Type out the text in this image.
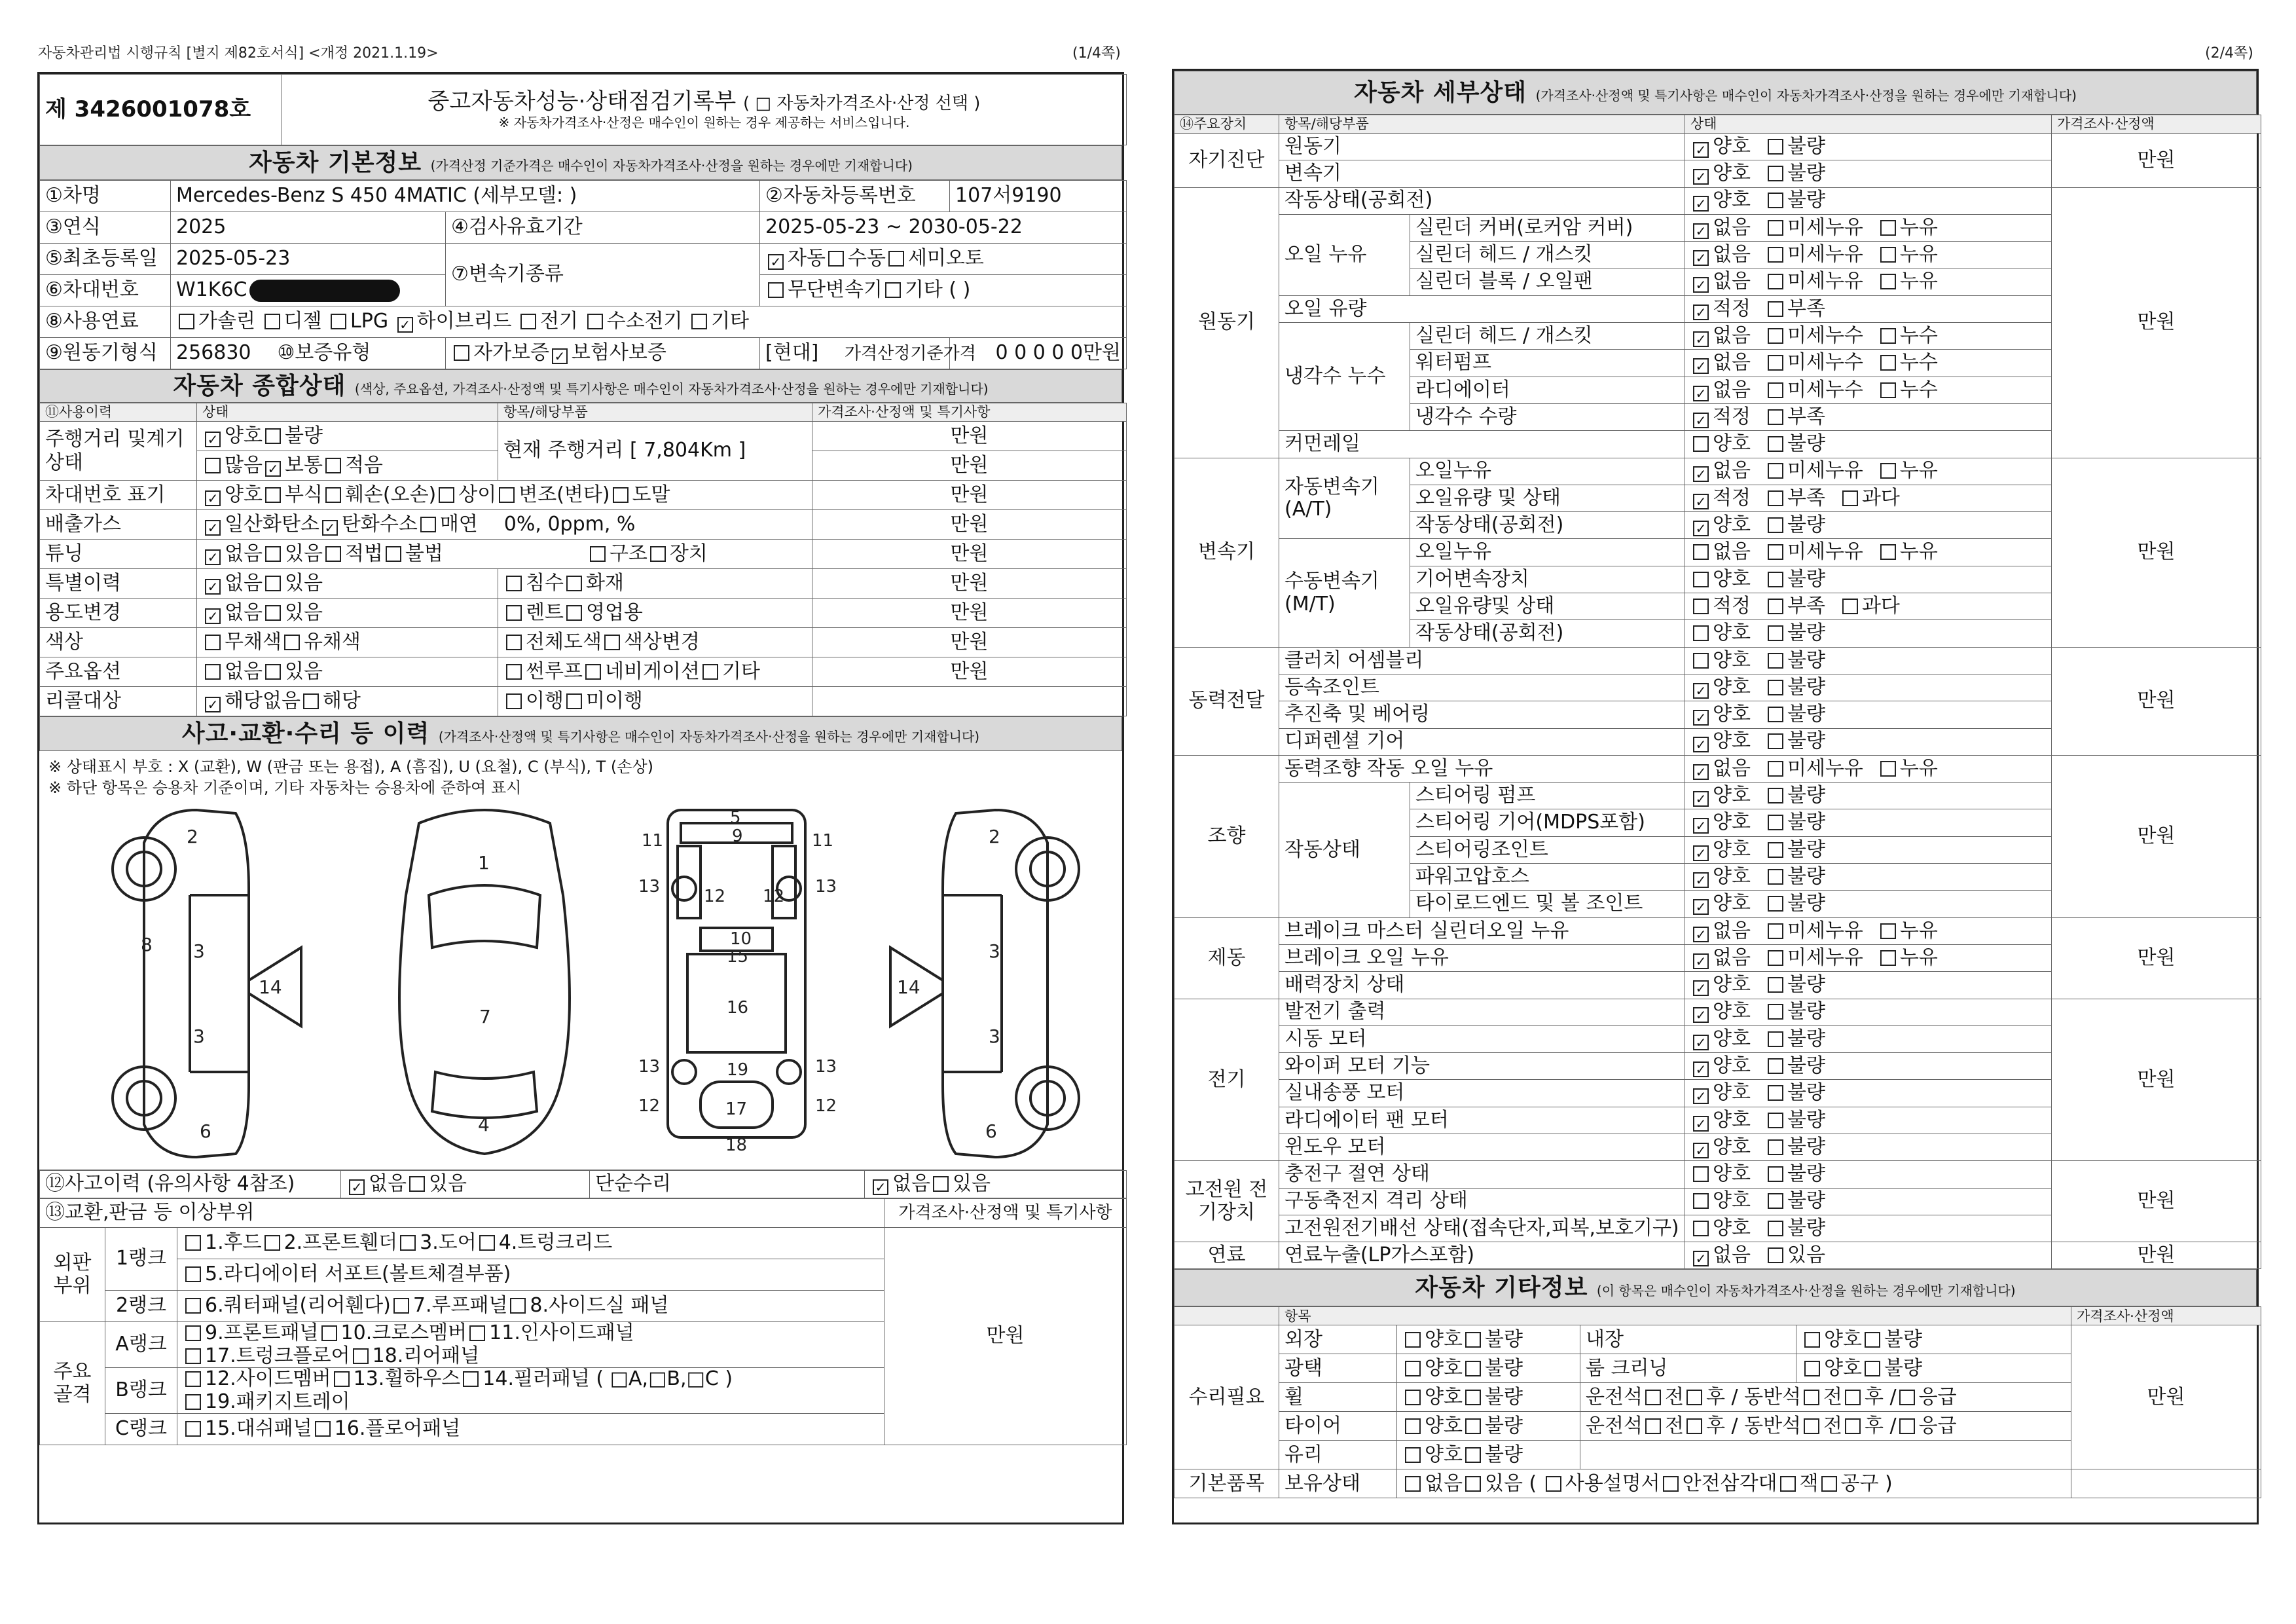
자동차관리법 시행규칙 [별지 제82호서식] <개정 2021.1.19>	(1/4쪽)	(2/4쪽)
제 3426001078호	중고자동차성능·상태점검기록부 ( □ 자동차가격조사·산정 선택 )
※ 자동차가격조사·산정은 매수인이 원하는 경우 제공하는 서비스입니다.
자동차 기본정보 (가격산정 기준가격은 매수인이 자동차가격조사·산정을 원하는 경우에만 기재합니다)
①차명	Mercedes-Benz S 450 4MATIC (세부모델: )		②자동차등록번호	107서9190
③연식	2025	④검사유효기간	2025-05-23 ~ 2030-05-22	
⑤최초등록일	2025-05-23	⑦변속기종류	✓ 자동 수동 세미오토	
⑥차대번호	W1K6C		무단변속기 기타 ( )	
⑧사용연료	가솔린 디젤 LPG ✓ 하이브리드 전기 수소전기 기타			
⑨원동기형식	256830 ⑩보증유형	자가보증 ✓ 보험사보증	[현대] 가격산정기준가격	0 0 0 0 0만원
자동차 종합상태 (색상, 주요옵션, 가격조사·산정액 및 특기사항은 매수인이 자동차가격조사·산정을 원하는 경우에만 기재합니다)
⑪사용이력	상태	항목/해당부품	가격조사·산정액 및 특기사항
주행거리 및계기상태	✓ 양호 불량	현재 주행거리 [ 7,804Km ]	만원
	많음 ✓ 보통 적음		만원
차대번호 표기	✓ 양호 부식 훼손(오손) 상이 변조(변타) 도말		만원
배출가스	✓ 일산화탄소 ✓ 탄화수소 매연 0%, 0ppm, %		만원
튜닝	✓ 없음 있음 적법 불법 구조 장치		만원
특별이력	✓ 없음 있음	침수 화재	만원
용도변경	✓ 없음 있음	렌트 영업용	만원
색상	무채색 유채색	전체도색 색상변경	만원
주요옵션	없음 있음	썬루프 네비게이션 기타	만원
리콜대상	✓ 해당없음 해당	이행 미이행	
사고·교환·수리 등 이력 (가격조사·산정액 및 특기사항은 매수인이 자동차가격조사·산정을 원하는 경우에만 기재합니다)
※ 상태표시 부호 : X (교환), W (판금 또는 용접), A (흠집), U (요철), C (부식), T (손상)
※ 하단 항목은 승용차 기준이며, 기타 자동차는 승용차에 준하여 표시
2
8 3
3
14
6
1
7
4
5
9
11	11
13	13
12 12
10
15
16
13	13
19
12	12
17
18
2
3
3
14
6
⑫사고이력 (유의사항 4참조)	✓ 없음 있음	단순수리	✓ 없음 있음
⑬교환,판금 등 이상부위			가격조사·산정액 및 특기사항
외판 부위	1랭크	1.후드 2.프론트휀더 3.도어 4.트렁크리드	만원
		5.라디에이터 서포트(볼트체결부품)	
	2랭크	6.쿼터패널(리어휀다) 7.루프패널 8.사이드실 패널	
주요 골격	A랭크	9.프론트패널 10.크로스멤버 11.인사이드패널
17.트렁크플로어 18.리어패널	
	B랭크	12.사이드멤버 13.휠하우스 14.필러패널 ( □A,□B,□C )
19.패키지트레이	
	C랭크	15.대쉬패널 16.플로어패널	
자동차 세부상태 (가격조사·산정액 및 특기사항은 매수인이 자동차가격조사·산정을 원하는 경우에만 기재합니다)
⑭주요장치	항목/해당부품		상태	가격조사·산정액
자기진단	원동기		✓ 양호 불량	만원
	변속기		✓ 양호 불량	
원동기	작동상태(공회전)		✓ 양호 불량	만원
	오일 누유	실린더 커버(로커암 커버)	✓ 없음 미세누유 누유	
		실린더 헤드 / 개스킷	✓ 없음 미세누유 누유	
		실린더 블록 / 오일팬	✓ 없음 미세누유 누유	
	오일 유량		✓ 적정 부족	
	냉각수 누수	실린더 헤드 / 개스킷	✓ 없음 미세누수 누수	
		워터펌프	✓ 없음 미세누수 누수	
		라디에이터	✓ 없음 미세누수 누수	
		냉각수 수량	✓ 적정 부족	
	커먼레일		양호 불량	
변속기	자동변속기 (A/T)	오일누유	✓ 없음 미세누유 누유	만원
		오일유량 및 상태	✓ 적정 부족 과다	
		작동상태(공회전)	✓ 양호 불량	
	수동변속기 (M/T)	오일누유	없음 미세누유 누유	
		기어변속장치	양호 불량	
		오일유량및 상태	적정 부족 과다	
		작동상태(공회전)	양호 불량	
동력전달	클러치 어셈블리		양호 불량	만원
	등속조인트		✓ 양호 불량	
	추진축 및 베어링		✓ 양호 불량	
	디퍼렌셜 기어		✓ 양호 불량	
조향	동력조향 작동 오일 누유		✓ 없음 미세누유 누유	만원
	작동상태	스티어링 펌프	✓ 양호 불량	
		스티어링 기어(MDPS포함)	✓ 양호 불량	
		스티어링조인트	✓ 양호 불량	
		파워고압호스	✓ 양호 불량	
		타이로드엔드 및 볼 조인트	✓ 양호 불량	
제동	브레이크 마스터 실린더오일 누유		✓ 없음 미세누유 누유	만원
	브레이크 오일 누유		✓ 없음 미세누유 누유	
	배력장치 상태		✓ 양호 불량	
전기	발전기 출력		✓ 양호 불량	만원
	시동 모터		✓ 양호 불량	
	와이퍼 모터 기능		✓ 양호 불량	
	실내송풍 모터		✓ 양호 불량	
	라디에이터 팬 모터		✓ 양호 불량	
	윈도우 모터		✓ 양호 불량	
고전원 전기장치	충전구 절연 상태		양호 불량	만원
	구동축전지 격리 상태		양호 불량	
	고전원전기배선 상태(접속단자,피복,보호기구)		양호 불량	
연료	연료누출(LP가스포함)		✓ 없음 있음	만원
자동차 기타정보 (이 항목은 매수인이 자동차가격조사·산정을 원하는 경우에만 기재합니다)
	항목				가격조사·산정액
수리필요	외장	양호 불량	내장	양호 불량	만원
	광택	양호 불량	룸 크리닝	양호 불량	
	휠	양호 불량	운전석 전 후 / 동반석 전 후 / 응급		
	타이어	양호 불량	운전석 전 후 / 동반석 전 후 / 응급		
	유리	양호 불량			
기본품목	보유상태	없음 있음 ( 사용설명서 안전삼각대 잭 공구 )			
